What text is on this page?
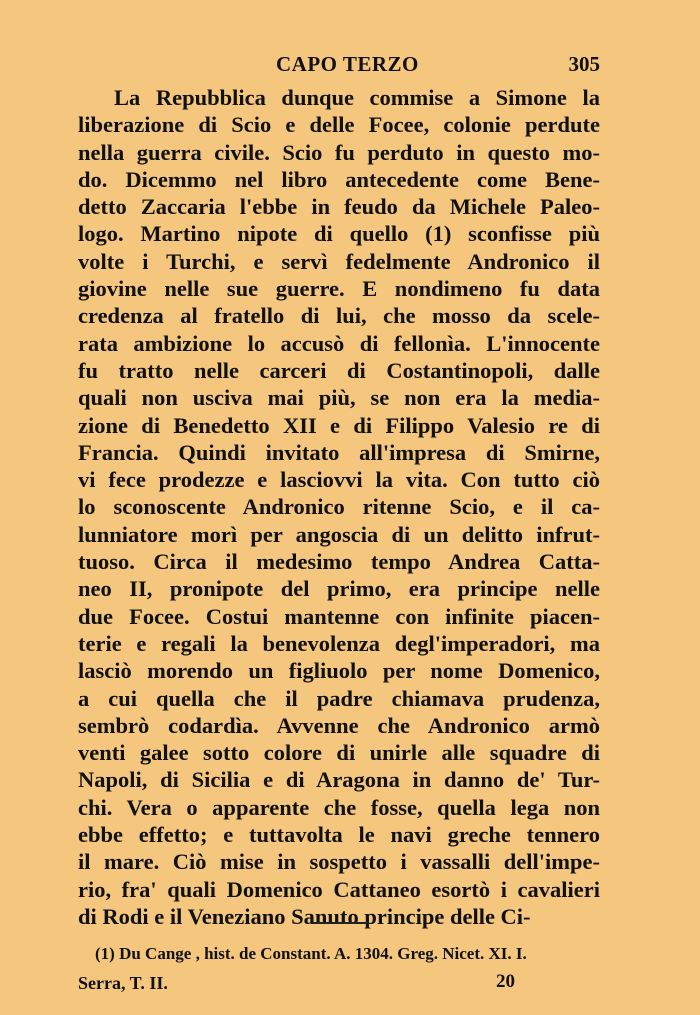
CAPO TERZO	305
La Repubblica dunque commise a Simone la
liberazione di Scio e delle Focee, colonie perdute
nella guerra civile. Scio fu perduto in questo mo-
do. Dicemmo nel libro antecedente come Bene-
detto Zaccaria l'ebbe in feudo da Michele Paleo-
logo. Martino nipote di quello (1) sconfisse più
volte i Turchi, e servì fedelmente Andronico il
giovine nelle sue guerre. E nondimeno fu data
credenza al fratello di lui, che mosso da scele-
rata ambizione lo accusò di fellonìa. L'innocente
fu tratto nelle carceri di Costantinopoli, dalle
quali non usciva mai più, se non era la media-
zione di Benedetto XII e di Filippo Valesio re di
Francia. Quindi invitato all'impresa di Smirne,
vi fece prodezze e lasciovvi la vita. Con tutto ciò
lo sconoscente Andronico ritenne Scio, e il ca-
lunniatore morì per angoscia di un delitto infrut-
tuoso. Circa il medesimo tempo Andrea Catta-
neo II, pronipote del primo, era principe nelle
due Focee. Costui mantenne con infinite piacen-
terie e regali la benevolenza degl'imperadori, ma
lasciò morendo un figliuolo per nome Domenico,
a cui quella che il padre chiamava prudenza,
sembrò codardìa. Avvenne che Andronico armò
venti galee sotto colore di unirle alle squadre di
Napoli, di Sicilia e di Aragona in danno de' Tur-
chi. Vera o apparente che fosse, quella lega non
ebbe effetto; e tuttavolta le navi greche tennero
il mare. Ciò mise in sospetto i vassalli dell'impe-
rio, fra' quali Domenico Cattaneo esortò i cavalieri
di Rodi e il Veneziano Sanuto principe delle Ci-
(1) Du Cange , hist. de Constant. A. 1304. Greg. Nicet. XI. I.
Serra, T. II.	20
